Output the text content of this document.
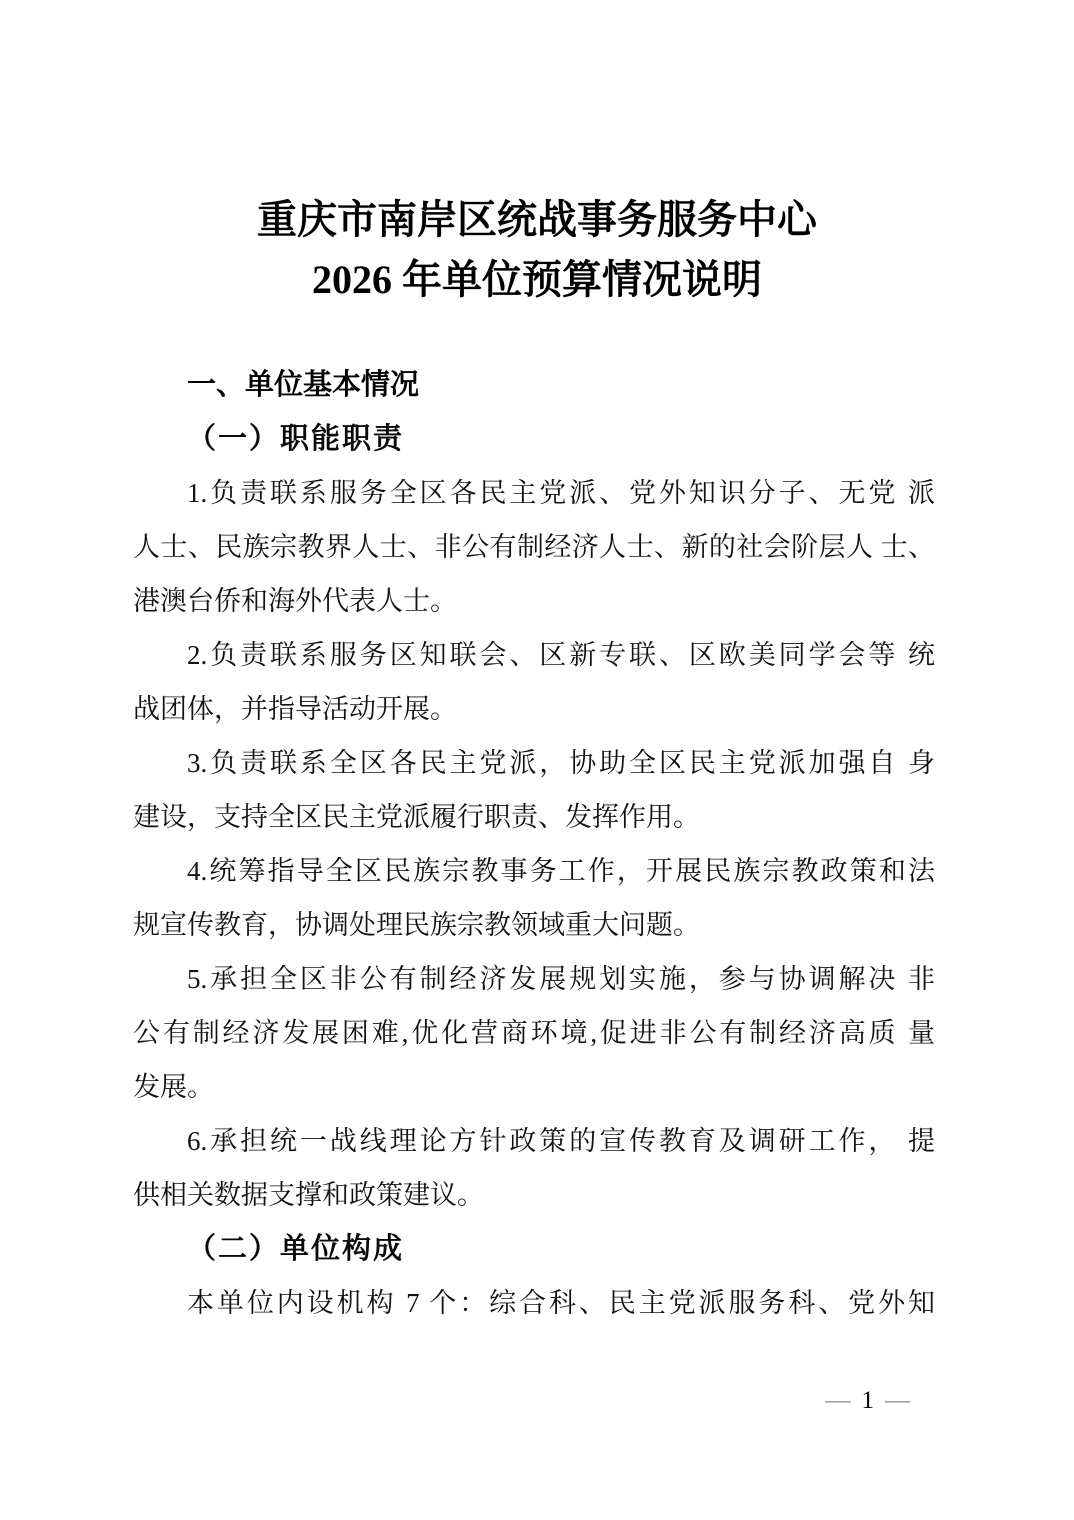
重庆市南岸区统战事务服务中心
2026 年单位预算情况说明
一、单位基本情况
（一）职能职责
1.负责联系服务全区各民主党派、党外知识分子、无党 派
人士、民族宗教界人士、非公有制经济人士、新的社会阶层人 士、
港澳台侨和海外代表人士。
2.负责联系服务区知联会、区新专联、区欧美同学会等 统
战团体，并指导活动开展。
3.负责联系全区各民主党派，协助全区民主党派加强自 身
建设，支持全区民主党派履行职责、发挥作用。
4.统筹指导全区民族宗教事务工作，开展民族宗教政策和法
规宣传教育，协调处理民族宗教领域重大问题。
5.承担全区非公有制经济发展规划实施，参与协调解决 非
公有制经济发展困难,优化营商环境,促进非公有制经济高质 量
发展。
6.承担统一战线理论方针政策的宣传教育及调研工作， 提
供相关数据支撑和政策建议。
（二）单位构成
本单位内设机构 7 个：综合科、民主党派服务科、党外知
— 1 —
